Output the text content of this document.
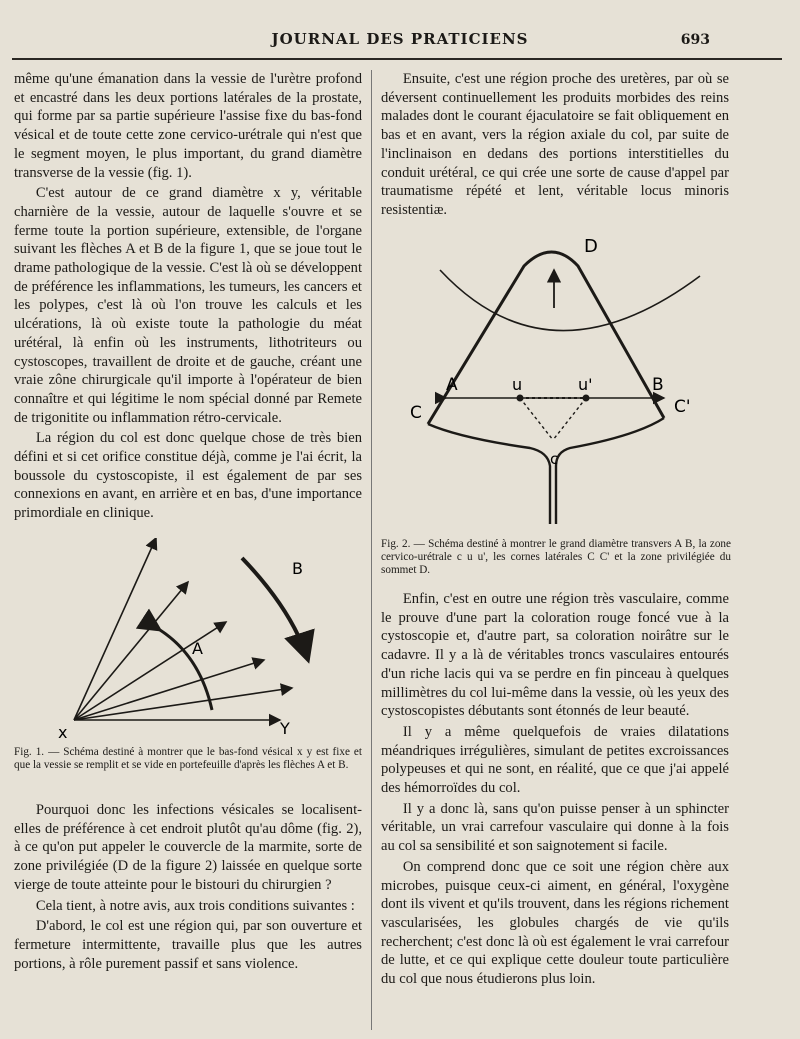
JOURNAL DES PRATICIENS	693

même qu'une émanation dans la vessie de l'urètre profond et encastré dans les deux portions latérales de la prostate, qui forme par sa partie supérieure l'assise fixe du bas-fond vésical et de toute cette zone cervico-urétrale qui n'est que le segment moyen, le plus important, du grand diamètre transverse de la vessie (fig. 1).

C'est autour de ce grand diamètre x y, véritable charnière de la vessie, autour de laquelle s'ouvre et se ferme toute la portion supérieure, extensible, de l'organe suivant les flèches A et B de la figure 1, que se joue tout le drame pathologique de la vessie. C'est là où se développent de préférence les inflammations, les tumeurs, les cancers et les polypes, c'est là où l'on trouve les calculs et les ulcérations, là où existe toute la pathologie du méat urétéral, là enfin où les instruments, lithotriteurs ou cystoscopes, travaillent de droite et de gauche, créant une vraie zône chirurgicale qu'il importe à l'opérateur de bien connaître et qui légitime le nom spécial donné par Remete de trigonitite ou inflammation rétro-cervicale.

La région du col est donc quelque chose de très bien défini et si cet orifice constitue déjà, comme je l'ai écrit, la boussole du cystoscopiste, il est également de par ses connexions en avant, en arrière et en bas, d'une importance primordiale en clinique.

x	Y
A
B
Fig. 1. — Schéma destiné à montrer que le bas-fond vésical x y est fixe et que la vessie se remplit et se vide en portefeuille d'après les flèches A et B.

Pourquoi donc les infections vésicales se localisent-elles de préférence à cet endroit plutôt qu'au dôme (fig. 2), à ce qu'on put appeler le couvercle de la marmite, sorte de zone privilégiée (D de la figure 2) laissée en quelque sorte vierge de toute atteinte pour le bistouri du chirurgien ?

Cela tient, à notre avis, aux trois conditions suivantes :

D'abord, le col est une région qui, par son ouverture et fermeture intermittente, travaille plus que les autres portions, à rôle purement passif et sans violence.

Ensuite, c'est une région proche des uretères, par où se déversent continuellement les produits morbides des reins malades dont le courant éjaculatoire se fait obliquement en bas et en avant, vers la région axiale du col, par suite de l'inclinaison en dedans des portions interstitielles du conduit urétéral, ce qui crée une sorte de cause d'appel par traumatisme répété et lent, véritable locus minoris resistentiæ.

D
A	B
C	C'
u	u'
c
Fig. 2. — Schéma destiné à montrer le grand diamètre transvers A B, la zone cervico-urétrale c u u', les cornes latérales C C' et la zone privilégiée du sommet D.

Enfin, c'est en outre une région très vasculaire, comme le prouve d'une part la coloration rouge foncé vue à la cystoscopie et, d'autre part, sa coloration noirâtre sur le cadavre. Il y a là de véritables troncs vasculaires entourés d'un riche lacis qui va se perdre en fin pinceau à quelques millimètres du col lui-même dans la vessie, où les yeux des cystoscopistes débutants sont étonnés de leur beauté.

Il y a même quelquefois de vraies dilatations méandriques irrégulières, simulant de petites excroissances polypeuses et qui ne sont, en réalité, que ce que j'ai appelé des hémorroïdes du col.

Il y a donc là, sans qu'on puisse penser à un sphincter véritable, un vrai carrefour vasculaire qui donne à la fois au col sa sensibilité et son saignotement si facile.

On comprend donc que ce soit une région chère aux microbes, puisque ceux-ci aiment, en général, l'oxygène dont ils vivent et qu'ils trouvent, dans les régions richement vascularisées, les globules chargés de vie qu'ils recherchent; c'est donc là où est également le vrai carrefour de lutte, et ce qui explique cette douleur toute particulière du col que nous étudierons plus loin.
